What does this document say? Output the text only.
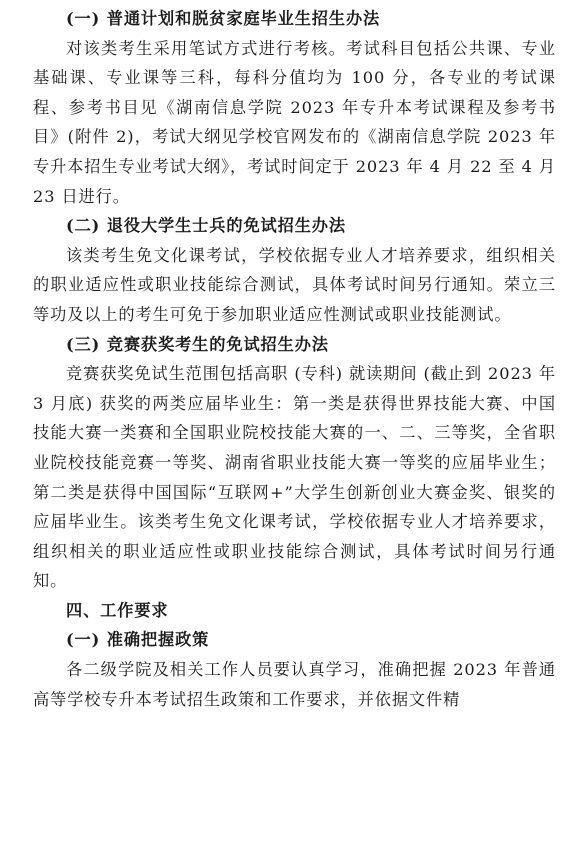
(一) 普通计划和脱贫家庭毕业生招生办法

对该类考生采用笔试方式进行考核。考试科目包括公共课、专业基础课、专业课等三科，每科分值均为 100 分，各专业的考试课程、参考书目见《湖南信息学院 2023 年专升本考试课程及参考书目》(附件 2)，考试大纲见学校官网发布的《湖南信息学院 2023 年专升本招生专业考试大纲》，考试时间定于 2023 年 4 月 22 至 4 月 23 日进行。

(二) 退役大学生士兵的免试招生办法

该类考生免文化课考试，学校依据专业人才培养要求，组织相关的职业适应性或职业技能综合测试，具体考试时间另行通知。荣立三等功及以上的考生可免于参加职业适应性测试或职业技能测试。

(三) 竞赛获奖考生的免试招生办法

竞赛获奖免试生范围包括高职 (专科) 就读期间 (截止到 2023 年 3 月底) 获奖的两类应届毕业生：第一类是获得世界技能大赛、中国技能大赛一类赛和全国职业院校技能大赛的一、二、三等奖，全省职业院校技能竞赛一等奖、湖南省职业技能大赛一等奖的应届毕业生；第二类是获得中国国际“互联网+”大学生创新创业大赛金奖、银奖的应届毕业生。该类考生免文化课考试，学校依据专业人才培养要求，组织相关的职业适应性或职业技能综合测试，具体考试时间另行通知。

四、工作要求
(一) 准确把握政策

各二级学院及相关工作人员要认真学习，准确把握 2023 年普通高等学校专升本考试招生政策和工作要求，并依据文件精
